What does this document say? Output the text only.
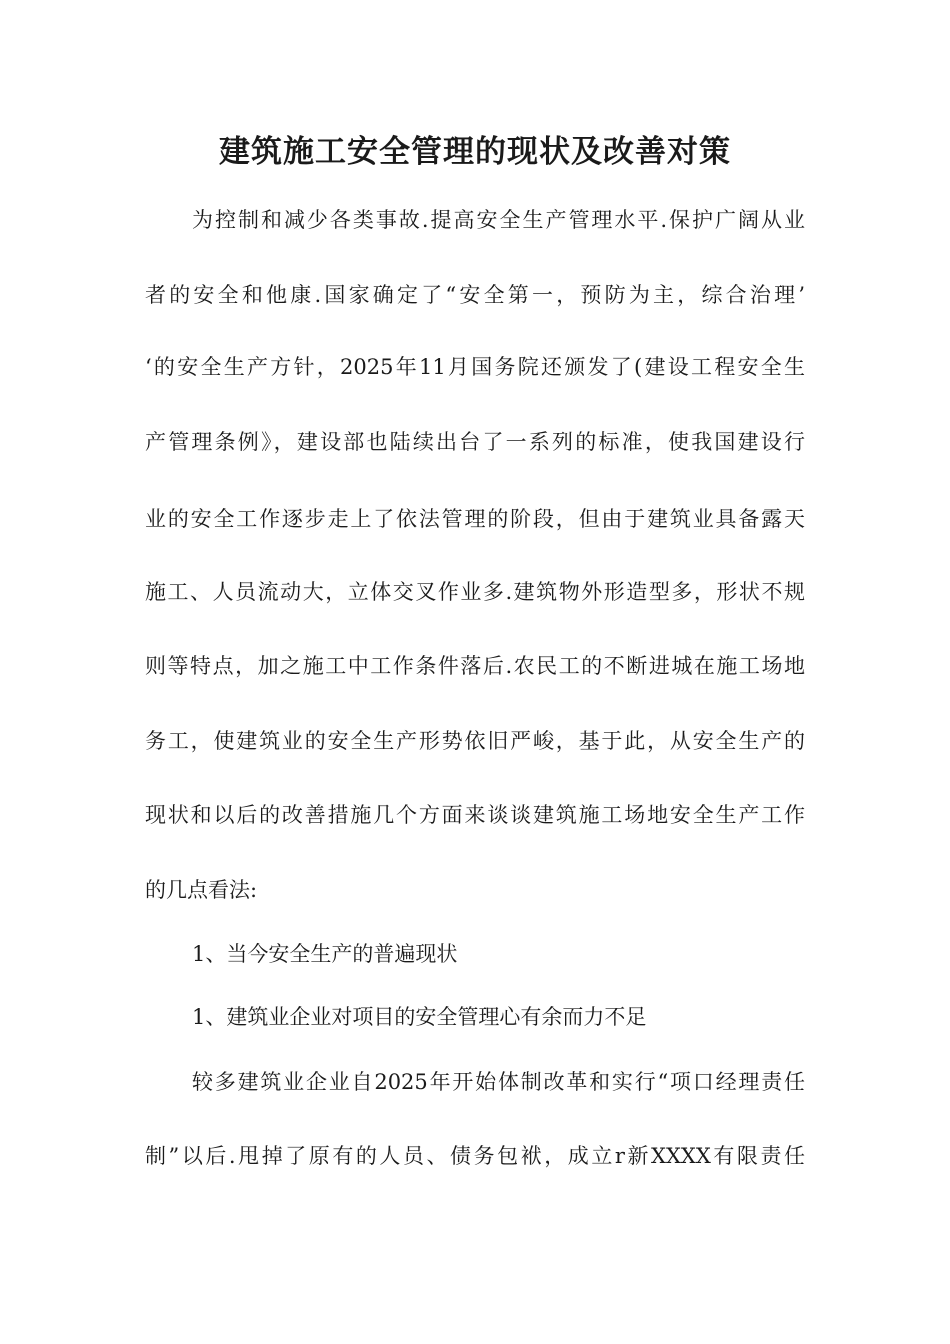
建筑施工安全管理的现状及改善对策
为控制和减少各类事故.提高安全生产管理水平.保护广阔从业
者的安全和他康.国家确定了“安全第一，预防为主，综合治理’
‘的安全生产方针，2025年11月国务院还颁发了(建设工程安全生
产管理条例》，建设部也陆续出台了一系列的标准，使我国建设行
业的安全工作逐步走上了依法管理的阶段，但由于建筑业具备露天
施工、人员流动大，立体交叉作业多.建筑物外形造型多，形状不规
则等特点，加之施工中工作条件落后.农民工的不断进城在施工场地
务工，使建筑业的安全生产形势依旧严峻，基于此，从安全生产的
现状和以后的改善措施几个方面来谈谈建筑施工场地安全生产工作
的几点看法:
1、当今安全生产的普遍现状
1、建筑业企业对项目的安全管理心有余而力不足
较多建筑业企业自2025年开始体制改革和实行“项口经理责任
制”以后.甩掉了原有的人员、债务包袱，成立r新XXXX有限责任
